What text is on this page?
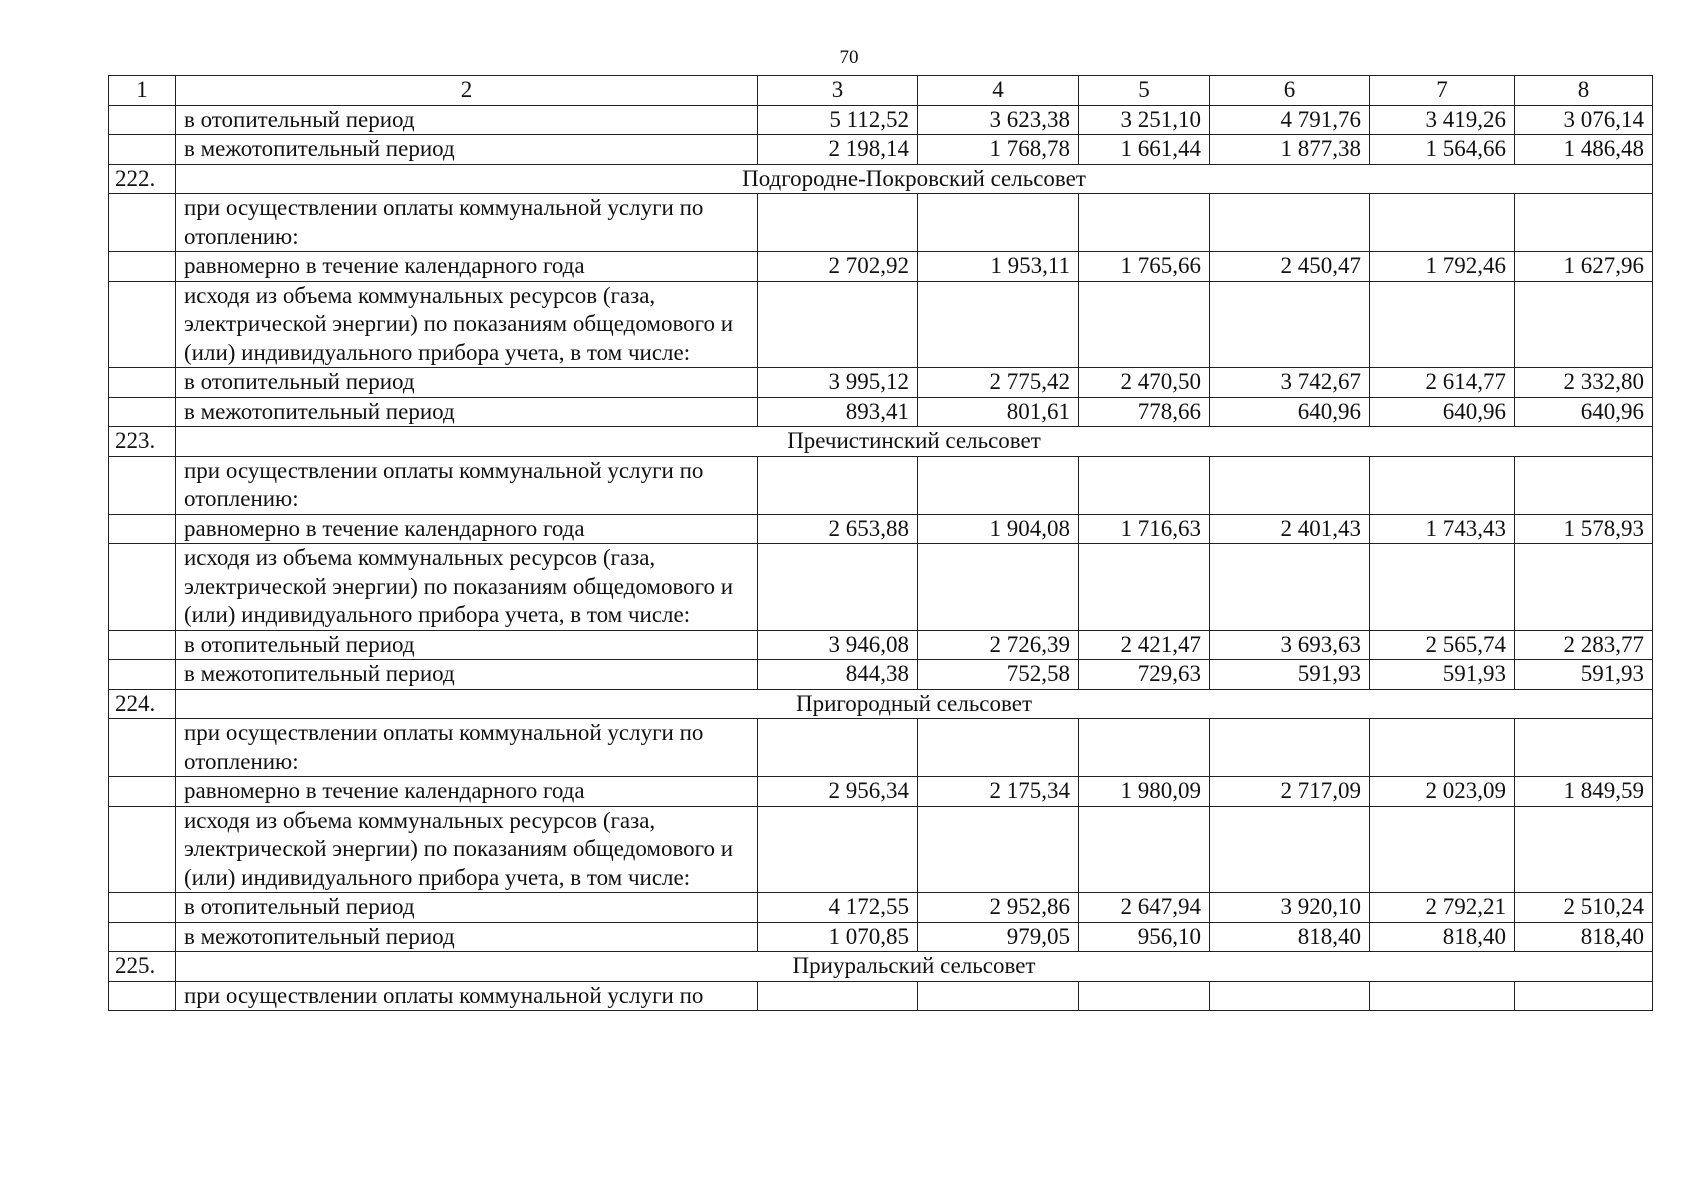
70
1	2	3	4	5	6	7	8
	в отопительный период	5 112,52	3 623,38	3 251,10	4 791,76	3 419,26	3 076,14
	в межотопительный период	2 198,14	1 768,78	1 661,44	1 877,38	1 564,66	1 486,48
222.	Подгородне-Покровский сельсовет						
	при осуществлении оплаты коммунальной услуги по отоплению:						
	равномерно в течение календарного года	2 702,92	1 953,11	1 765,66	2 450,47	1 792,46	1 627,96
	исходя из объема коммунальных ресурсов (газа, электрической энергии) по показаниям общедомового и (или) индивидуального прибора учета, в том числе:						
	в отопительный период	3 995,12	2 775,42	2 470,50	3 742,67	2 614,77	2 332,80
	в межотопительный период	893,41	801,61	778,66	640,96	640,96	640,96
223.	Пречистинский сельсовет						
	при осуществлении оплаты коммунальной услуги по отоплению:						
	равномерно в течение календарного года	2 653,88	1 904,08	1 716,63	2 401,43	1 743,43	1 578,93
	исходя из объема коммунальных ресурсов (газа, электрической энергии) по показаниям общедомового и (или) индивидуального прибора учета, в том числе:						
	в отопительный период	3 946,08	2 726,39	2 421,47	3 693,63	2 565,74	2 283,77
	в межотопительный период	844,38	752,58	729,63	591,93	591,93	591,93
224.	Пригородный сельсовет						
	при осуществлении оплаты коммунальной услуги по отоплению:						
	равномерно в течение календарного года	2 956,34	2 175,34	1 980,09	2 717,09	2 023,09	1 849,59
	исходя из объема коммунальных ресурсов (газа, электрической энергии) по показаниям общедомового и (или) индивидуального прибора учета, в том числе:						
	в отопительный период	4 172,55	2 952,86	2 647,94	3 920,10	2 792,21	2 510,24
	в межотопительный период	1 070,85	979,05	956,10	818,40	818,40	818,40
225.	Приуральский сельсовет						
	при осуществлении оплаты коммунальной услуги по						
